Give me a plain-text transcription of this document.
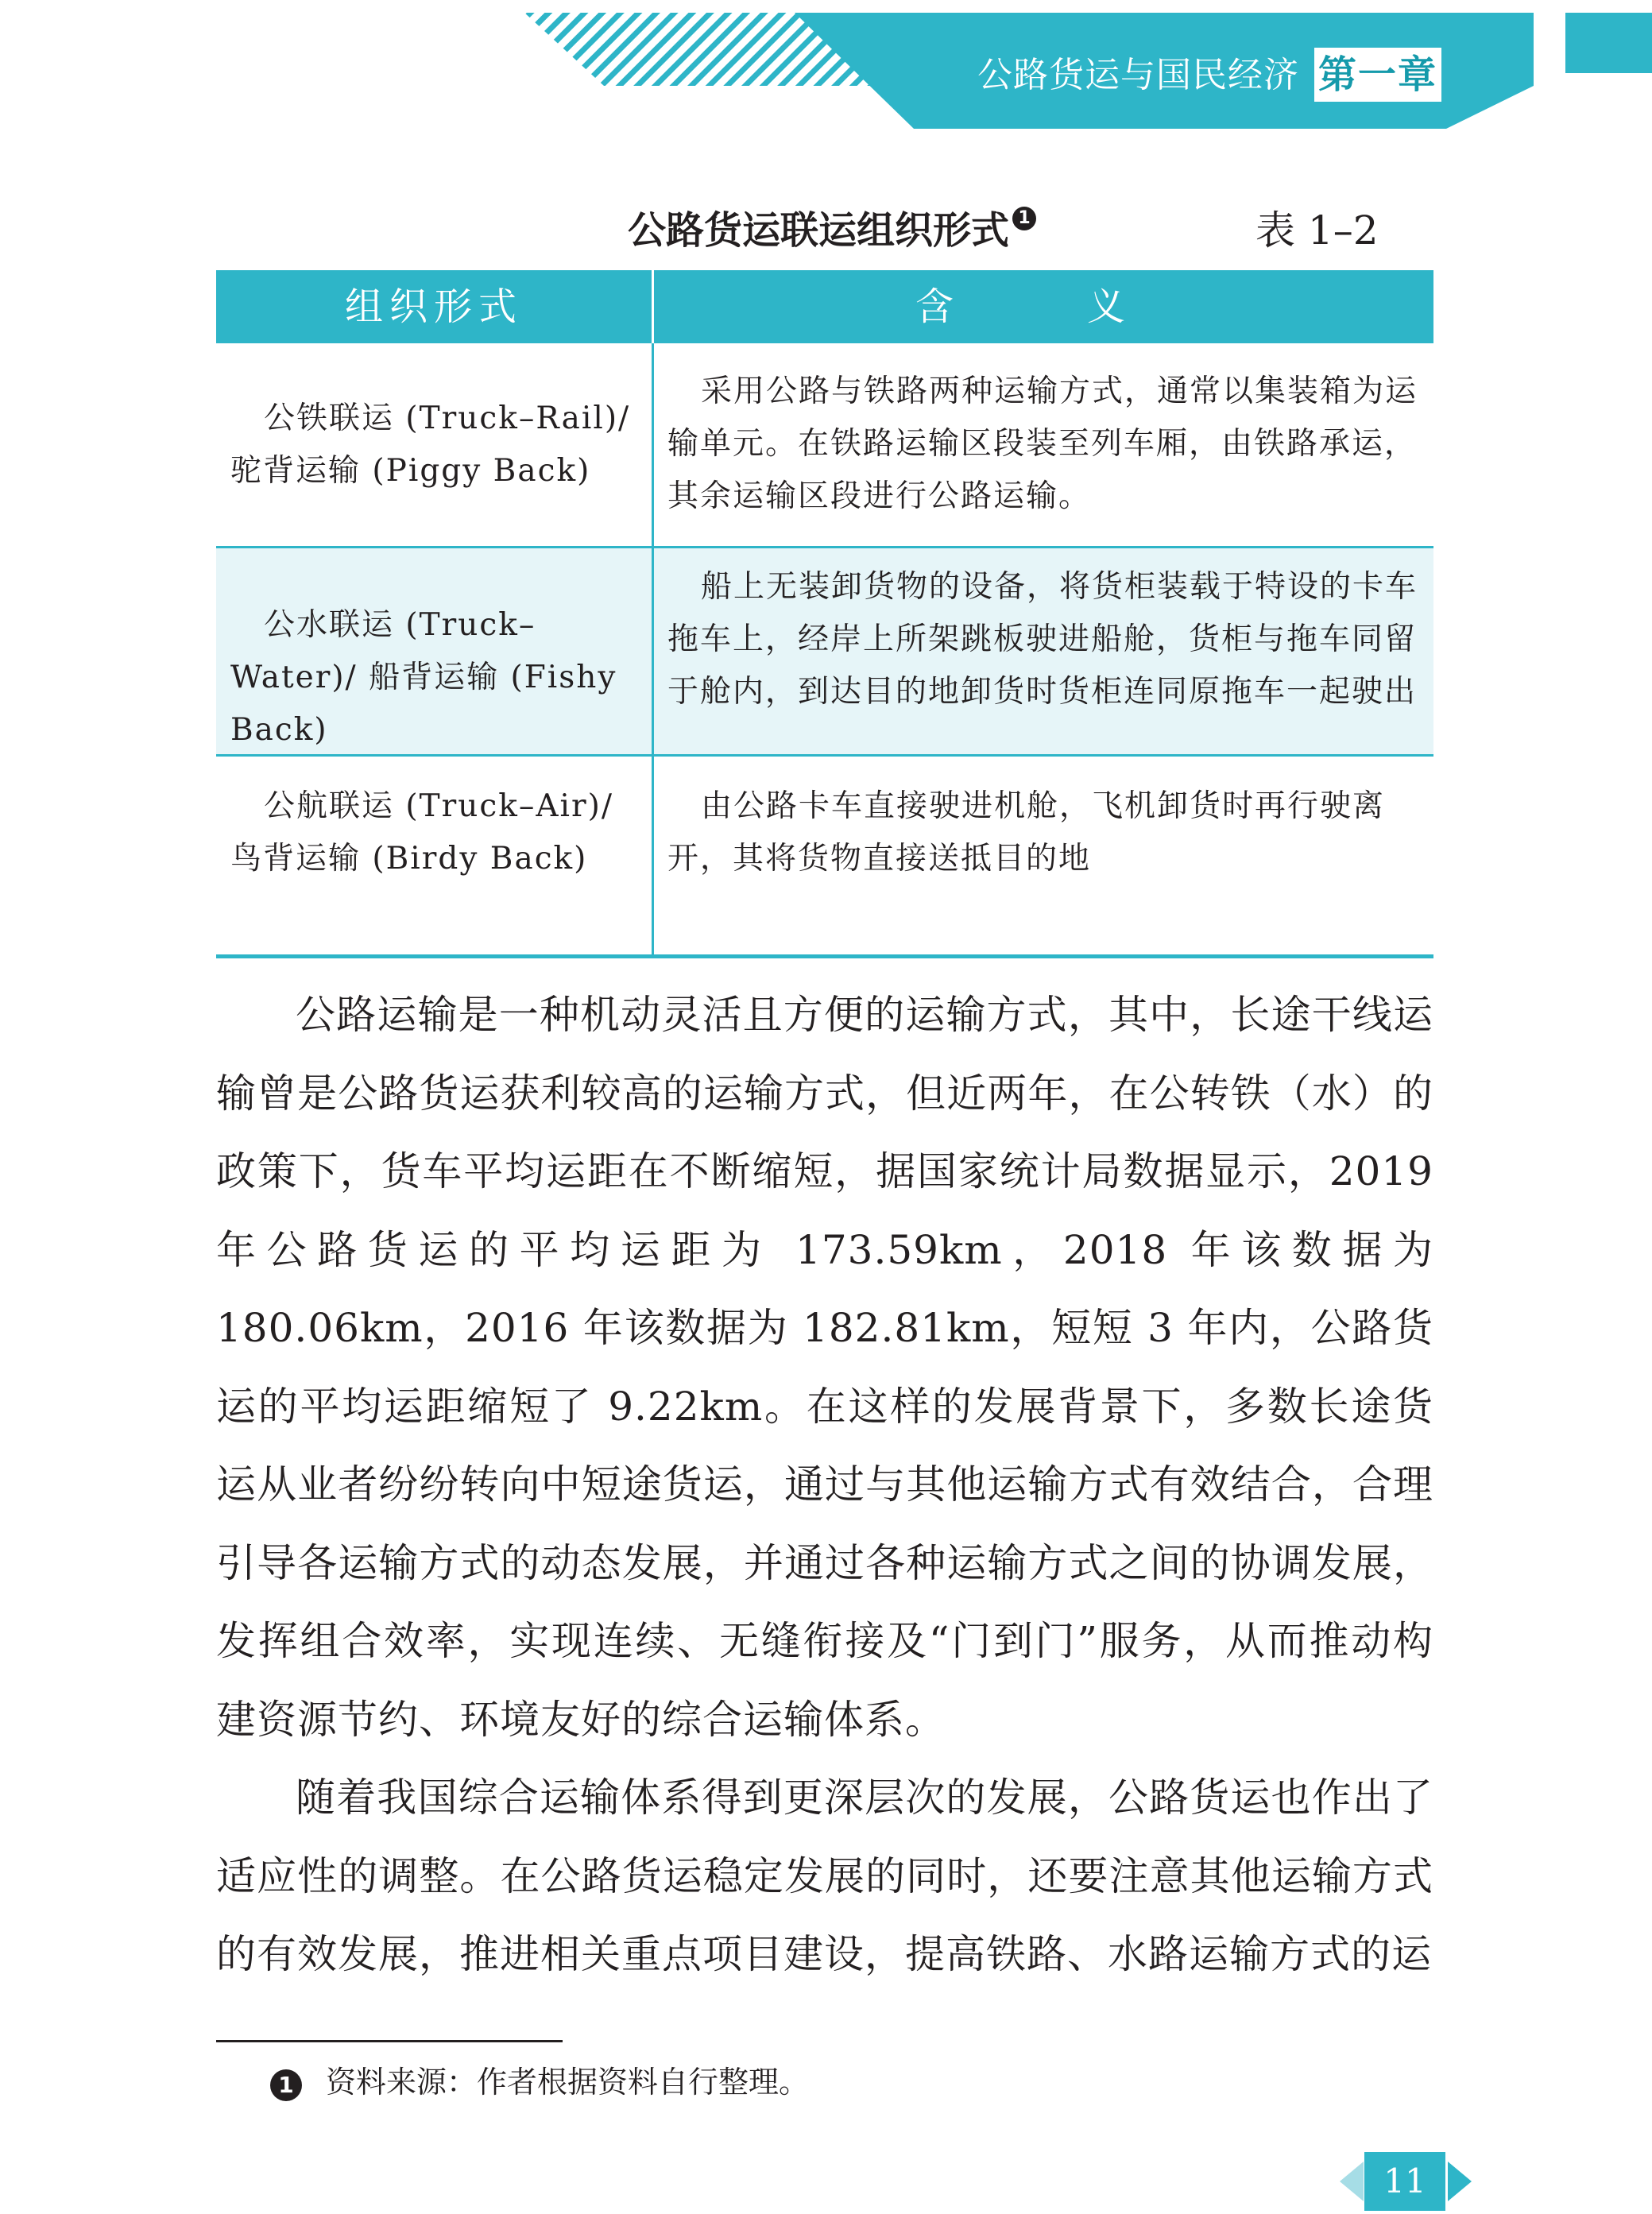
公路货运与国民经济 第一章
公路货运联运组织形式 1	表 1–2
组织形式	含　义
公铁联运 (Truck–Rail)/ 驼背运输 (Piggy Back)
采用公路与铁路两种运输方式，通常以集装箱为运输单元。在铁路运输区段装至列车厢，由铁路承运，其余运输区段进行公路运输。
公水联运 (Truck–Water)/ 船背运输 (Fishy Back)
船上无装卸货物的设备，将货柜装载于特设的卡车拖车上，经岸上所架跳板驶进船舱，货柜与拖车同留于舱内，到达目的地卸货时货柜连同原拖车一起驶出
公航联运 (Truck–Air)/ 鸟背运输 (Birdy Back)
由公路卡车直接驶进机舱，飞机卸货时再行驶离开，其将货物直接送抵目的地

公路运输是一种机动灵活且方便的运输方式，其中，长途干线运输曾是公路货运获利较高的运输方式，但近两年，在公转铁（水）的政策下，货车平均运距在不断缩短，据国家统计局数据显示，2019 年公路货运的平均运距为 173.59km，2018 年该数据为 180.06km，2016 年该数据为 182.81km，短短 3 年内，公路货运的平均运距缩短了 9.22km。在这样的发展背景下，多数长途货运从业者纷纷转向中短途货运，通过与其他运输方式有效结合，合理引导各运输方式的动态发展，并通过各种运输方式之间的协调发展，发挥组合效率，实现连续、无缝衔接及“门到门”服务，从而推动构建资源节约、环境友好的综合运输体系。

随着我国综合运输体系得到更深层次的发展，公路货运也作出了适应性的调整。在公路货运稳定发展的同时，还要注意其他运输方式的有效发展，推进相关重点项目建设，提高铁路、水路运输方式的运

1 资料来源：作者根据资料自行整理。
11
